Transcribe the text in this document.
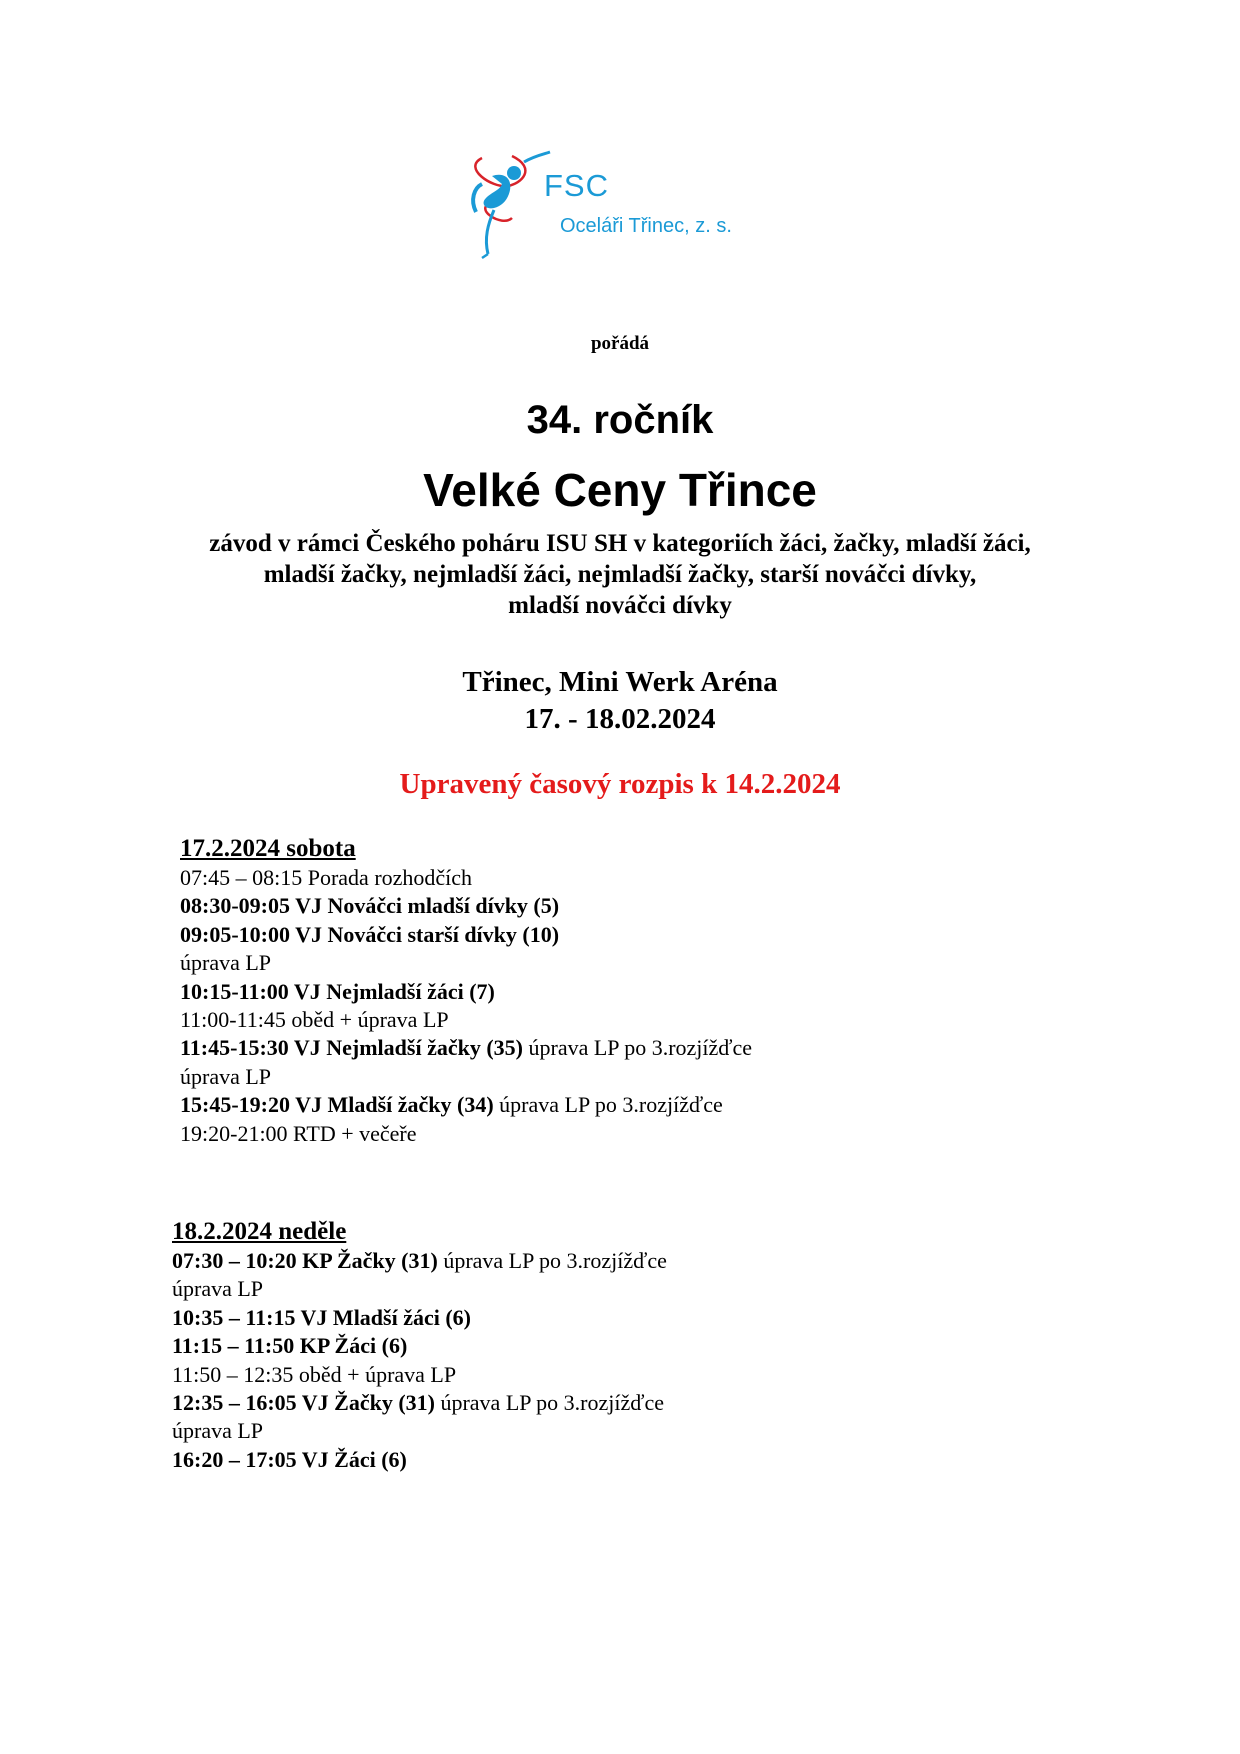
FSC
Oceláři Třinec, z. s.
pořádá
34. ročník
Velké Ceny Třince
závod v rámci Českého poháru ISU SH v kategoriích žáci, žačky, mladší žáci,
mladší žačky, nejmladší žáci, nejmladší žačky, starší nováčci dívky,
mladší nováčci dívky
Třinec, Mini Werk Aréna
17. - 18.02.2024
Upravený časový rozpis k 14.2.2024
17.2.2024 sobota
07:45 – 08:15 Porada rozhodčích
08:30-09:05 VJ Nováčci mladší dívky (5)
09:05-10:00 VJ Nováčci starší dívky (10)
úprava LP
10:15-11:00 VJ Nejmladší žáci (7)
11:00-11:45 oběd + úprava LP
11:45-15:30 VJ Nejmladší žačky (35) úprava LP po 3.rozjížďce
úprava LP
15:45-19:20 VJ Mladší žačky (34) úprava LP po 3.rozjížďce
19:20-21:00 RTD + večeře
18.2.2024 neděle
07:30 – 10:20 KP Žačky (31) úprava LP po 3.rozjížďce
úprava LP
10:35 – 11:15 VJ Mladší žáci (6)
11:15 – 11:50 KP Žáci (6)
11:50 – 12:35 oběd + úprava LP
12:35 – 16:05 VJ Žačky (31) úprava LP po 3.rozjížďce
úprava LP
16:20 – 17:05 VJ Žáci (6)
